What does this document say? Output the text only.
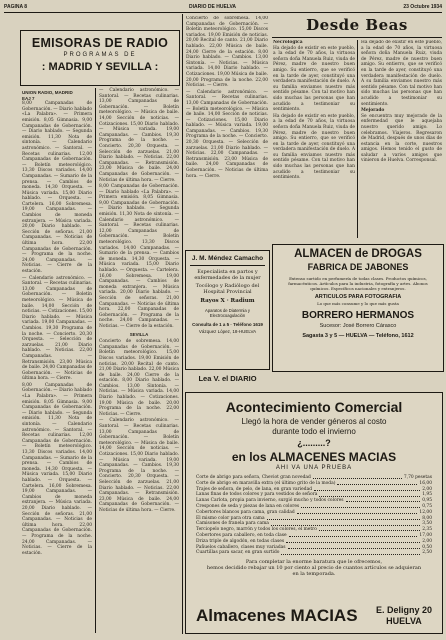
PAGINA 8	DIARIO DE HUELVA	23 Octubre 1934
EMISORAS DE RADIO
PROGRAMAS DE
: MADRID Y SEVILLA :
UNION RADIO, MADRID
EAJ 7

8,00 Campanadas de Gobernación. — Diario hablado «La Palabra». — Primera emisión. 8,05 Gimnasia. 9,00 Campanadas de Gobernación. — Diario hablado. — Segunda emisión. 11,30 Nota de sintonía. — Calendario astronómico. — Santoral. — Recetas culinarias. 12,00 Campanadas de Gobernación. — Boletín meteorológico. 13,30 Discos variados. 14,00 Campanadas. — Sumario de la prensa. — Cambios de moneda. 14,30 Orquesta. — Música variada. 15,00 Diario hablado. — Orquesta. — Cartelera. 16,00 Sobremesa. 19,00 Campanadas. — Cambios de moneda extranjera. — Música variada. 20,00 Diario hablado. — Sección de señoras. 21,00 Campanadas. — Noticias de última hora. 22,00 Campanadas de Gobernación. — Programa de la noche. 24,00 Campanadas. — Noticias. — Cierre de la estación.

— Calendario astronómico. — Santoral. — Recetas culinarias. 13,00 Campanadas de Gobernación. — Boletín meteorológico. — Música de baile. 14,00 Sección de noticias. — Cotizaciones. 15,00 Diario hablado. — Música variada. 19,00 Campanadas. — Cambios. 19,30 Programa de la noche. — Concierto. 20,30 Orquesta. — Selección de zarzuelas. 21,00 Diario hablado. — Noticias. 22,00 Campanadas. — Retransmisión. 23,00 Música de baile. 24,00 Campanadas de Gobernación. — Noticias de última hora. — Cierre.

8,00 Campanadas de Gobernación. — Diario hablado «La Palabra». — Primera emisión. 8,05 Gimnasia. 9,00 Campanadas de Gobernación. — Diario hablado. — Segunda emisión. 11,30 Nota de sintonía. — Calendario astronómico. — Santoral. — Recetas culinarias. 12,00 Campanadas de Gobernación. — Boletín meteorológico. 13,30 Discos variados. 14,00 Campanadas. — Sumario de la prensa. — Cambios de moneda. 14,30 Orquesta. — Música variada. 15,00 Diario hablado. — Orquesta. — Cartelera. 16,00 Sobremesa. 19,00 Campanadas. — Cambios de moneda extranjera. — Música variada. 20,00 Diario hablado. — Sección de señoras. 21,00 Campanadas. — Noticias de última hora. 22,00 Campanadas de Gobernación. — Programa de la noche. 24,00 Campanadas. — Noticias. — Cierre de la estación.

— Calendario astronómico. — Santoral. — Recetas culinarias. 13,00 Campanadas de Gobernación. — Boletín meteorológico. — Música de baile. 14,00 Sección de noticias. — Cotizaciones. 15,00 Diario hablado. — Música variada. 19,00 Campanadas. — Cambios. 19,30 Programa de la noche. — Concierto. 20,30 Orquesta. — Selección de zarzuelas. 21,00 Diario hablado. — Noticias. 22,00 Campanadas. — Retransmisión. 23,00 Música de baile. 24,00 Campanadas de Gobernación. — Noticias de última hora. — Cierre.

8,00 Campanadas de Gobernación. — Diario hablado «La Palabra». — Primera emisión. 8,05 Gimnasia. 9,00 Campanadas de Gobernación. — Diario hablado. — Segunda emisión. 11,30 Nota de sintonía. — Calendario astronómico. — Santoral. — Recetas culinarias. 12,00 Campanadas de Gobernación. — Boletín meteorológico. 13,30 Discos variados. 14,00 Campanadas. — Sumario de la prensa. — Cambios de moneda. 14,30 Orquesta. — Música variada. 15,00 Diario hablado. — Orquesta. — Cartelera. 16,00 Sobremesa. 19,00 Campanadas. — Cambios de moneda extranjera. — Música variada. 20,00 Diario hablado. — Sección de señoras. 21,00 Campanadas. — Noticias de última hora. 22,00 Campanadas de Gobernación. — Programa de la noche. 24,00 Campanadas. — Noticias. — Cierre de la estación.

SEVILLA

Concierto de sobremesa. 14,00 Campanadas de Gobernación. — Boletín meteorológico. 15,00 Discos variados. 19,00 Emisión de noticias. 20,00 Recital de canto. 21,00 Diario hablado. 22,00 Música de baile. 24,00 Cierre de la estación. 8,00 Diario hablado. — Cambios. 13,00 Sintonía. — Noticias. — Música variada. 14,00 Diario hablado. — Cotizaciones. 19,00 Música de baile. 20,00 Programa de la noche. 22,00 Noticias. — Cierre.

— Calendario astronómico. — Santoral. — Recetas culinarias. 13,00 Campanadas de Gobernación. — Boletín meteorológico. — Música de baile. 14,00 Sección de noticias. — Cotizaciones. 15,00 Diario hablado. — Música variada. 19,00 Campanadas. — Cambios. 19,30 Programa de la noche. — Concierto. 20,30 Orquesta. — Selección de zarzuelas. 21,00 Diario hablado. — Noticias. 22,00 Campanadas. — Retransmisión. 23,00 Música de baile. 24,00 Campanadas de Gobernación. — Noticias de última hora. — Cierre.

Concierto de sobremesa. 14,00 Campanadas de Gobernación. — Boletín meteorológico. 15,00 Discos variados. 19,00 Emisión de noticias. 20,00 Recital de canto. 21,00 Diario hablado. 22,00 Música de baile. 24,00 Cierre de la estación. 8,00 Diario hablado. — Cambios. 13,00 Sintonía. — Noticias. — Música variada. 14,00 Diario hablado. — Cotizaciones. 19,00 Música de baile. 20,00 Programa de la noche. 22,00 Noticias. — Cierre.

— Calendario astronómico. — Santoral. — Recetas culinarias. 13,00 Campanadas de Gobernación. — Boletín meteorológico. — Música de baile. 14,00 Sección de noticias. — Cotizaciones. 15,00 Diario hablado. — Música variada. 19,00 Campanadas. — Cambios. 19,30 Programa de la noche. — Concierto. 20,30 Orquesta. — Selección de zarzuelas. 21,00 Diario hablado. — Noticias. 22,00 Campanadas. — Retransmisión. 23,00 Música de baile. 24,00 Campanadas de Gobernación. — Noticias de última hora. — Cierre.

J. M. Méndez Camacho
Especialista en partos y enfermedades de la mujer
Tocólogo y Radiólogo del Hospital Provincial
Rayos X · Radium
Aparatos de Diatermia y Electrocoagulación
Consulta de 1 a 5 · Teléfono 1619
Vázquez López, 18-HUELVA
Lea V. el DIARIO
Desde Beas
Necrológica

Ha dejado de existir en este pueblo, a la edad de 70 años, la virtuosa señora doña Manuela Ruiz, viuda de Pérez, madre de nuestro buen amigo. Su entierro, que se verificó en la tarde de ayer, constituyó una verdadera manifestación de duelo. A su familia enviamos nuestro más sentido pésame. Con tal motivo han sido muchas las personas que han acudido a testimoniar su sentimiento.

Ha dejado de existir en este pueblo, a la edad de 70 años, la virtuosa señora doña Manuela Ruiz, viuda de Pérez, madre de nuestro buen amigo. Su entierro, que se verificó en la tarde de ayer, constituyó una verdadera manifestación de duelo. A su familia enviamos nuestro más sentido pésame. Con tal motivo han sido muchas las personas que han acudido a testimoniar su sentimiento.

Ha dejado de existir en este pueblo, a la edad de 70 años, la virtuosa señora doña Manuela Ruiz, viuda de Pérez, madre de nuestro buen amigo. Su entierro, que se verificó en la tarde de ayer, constituyó una verdadera manifestación de duelo. A su familia enviamos nuestro más sentido pésame. Con tal motivo han sido muchas las personas que han acudido a testimoniar su sentimiento.

Mejorado

Se encuentra muy mejorado de la enfermedad que le aquejaba nuestro querido amigo. Lo celebramos. Viajeros. Regresaron de Madrid, después de unos días de estancia en la corte, nuestros amigos. Hemos tenido el gusto de saludar a varios amigos que vinieron de Huelva. Corresponsal.

ALMACEN de DROGAS
FABRICA DE JABONES
Extenso surtido en perfumería de todas clases. Productos químicos, farmacéuticos. Artículos para la industria, fotografía y artes. Abonos químicos. Específicos nacionales y extranjeros.
ARTICULOS PARA FOTOGRAFIA
Lo que más consume y lo que más gusta
BORRERO HERMANOS
Sucesor: José Borrero Cárasco
Sagasta 3 y 5 — HUELVA — Teléfono, 1612
Acontecimiento Comercial
Llegó la hora de vender géneros al costo
durante todo el invierno
¿.........?
en los ALMACENES MACIAS
AHI VA UNA PRUEBA
Corte de abrigo para señora, Cheviot gran novedad	7,70 pesetas
Corte de abrigo en maravilla extra (el último grito de la moda)	16,00
Trajes de señora, de pelo, de lana, en gran variedad	2,00
Lanas finas de todos colores y para vestidos de señora	1,95
Lanas Carlota, propia para invierno, surgió mucho y todos colores	0,95
Crespones de seda y piezas de lana en colores	0,75
Cobertores blancos para cama, gran calidad	12,00
El mismo color para otra cama	8,00
Camisones de franela para cama	3,50
Terciopelo negro, marrón y todos los colores, el metro	2,35
Cobertores para caballero, en toda clase	17,00
Driza triple de algodón, en todas clases	2,00
Pañuelos caballero, clases muy variadas	0,50
Cuartillas para sacar, en gran surtido	2,50
Para completar la enorme baratura que le ofrecemos,
hemos decidido rebajar un 10 por ciento al precio de cuantos artículos se adquieran en la temporada.
Almacenes MACIAS E. Deligny 20
HUELVA
